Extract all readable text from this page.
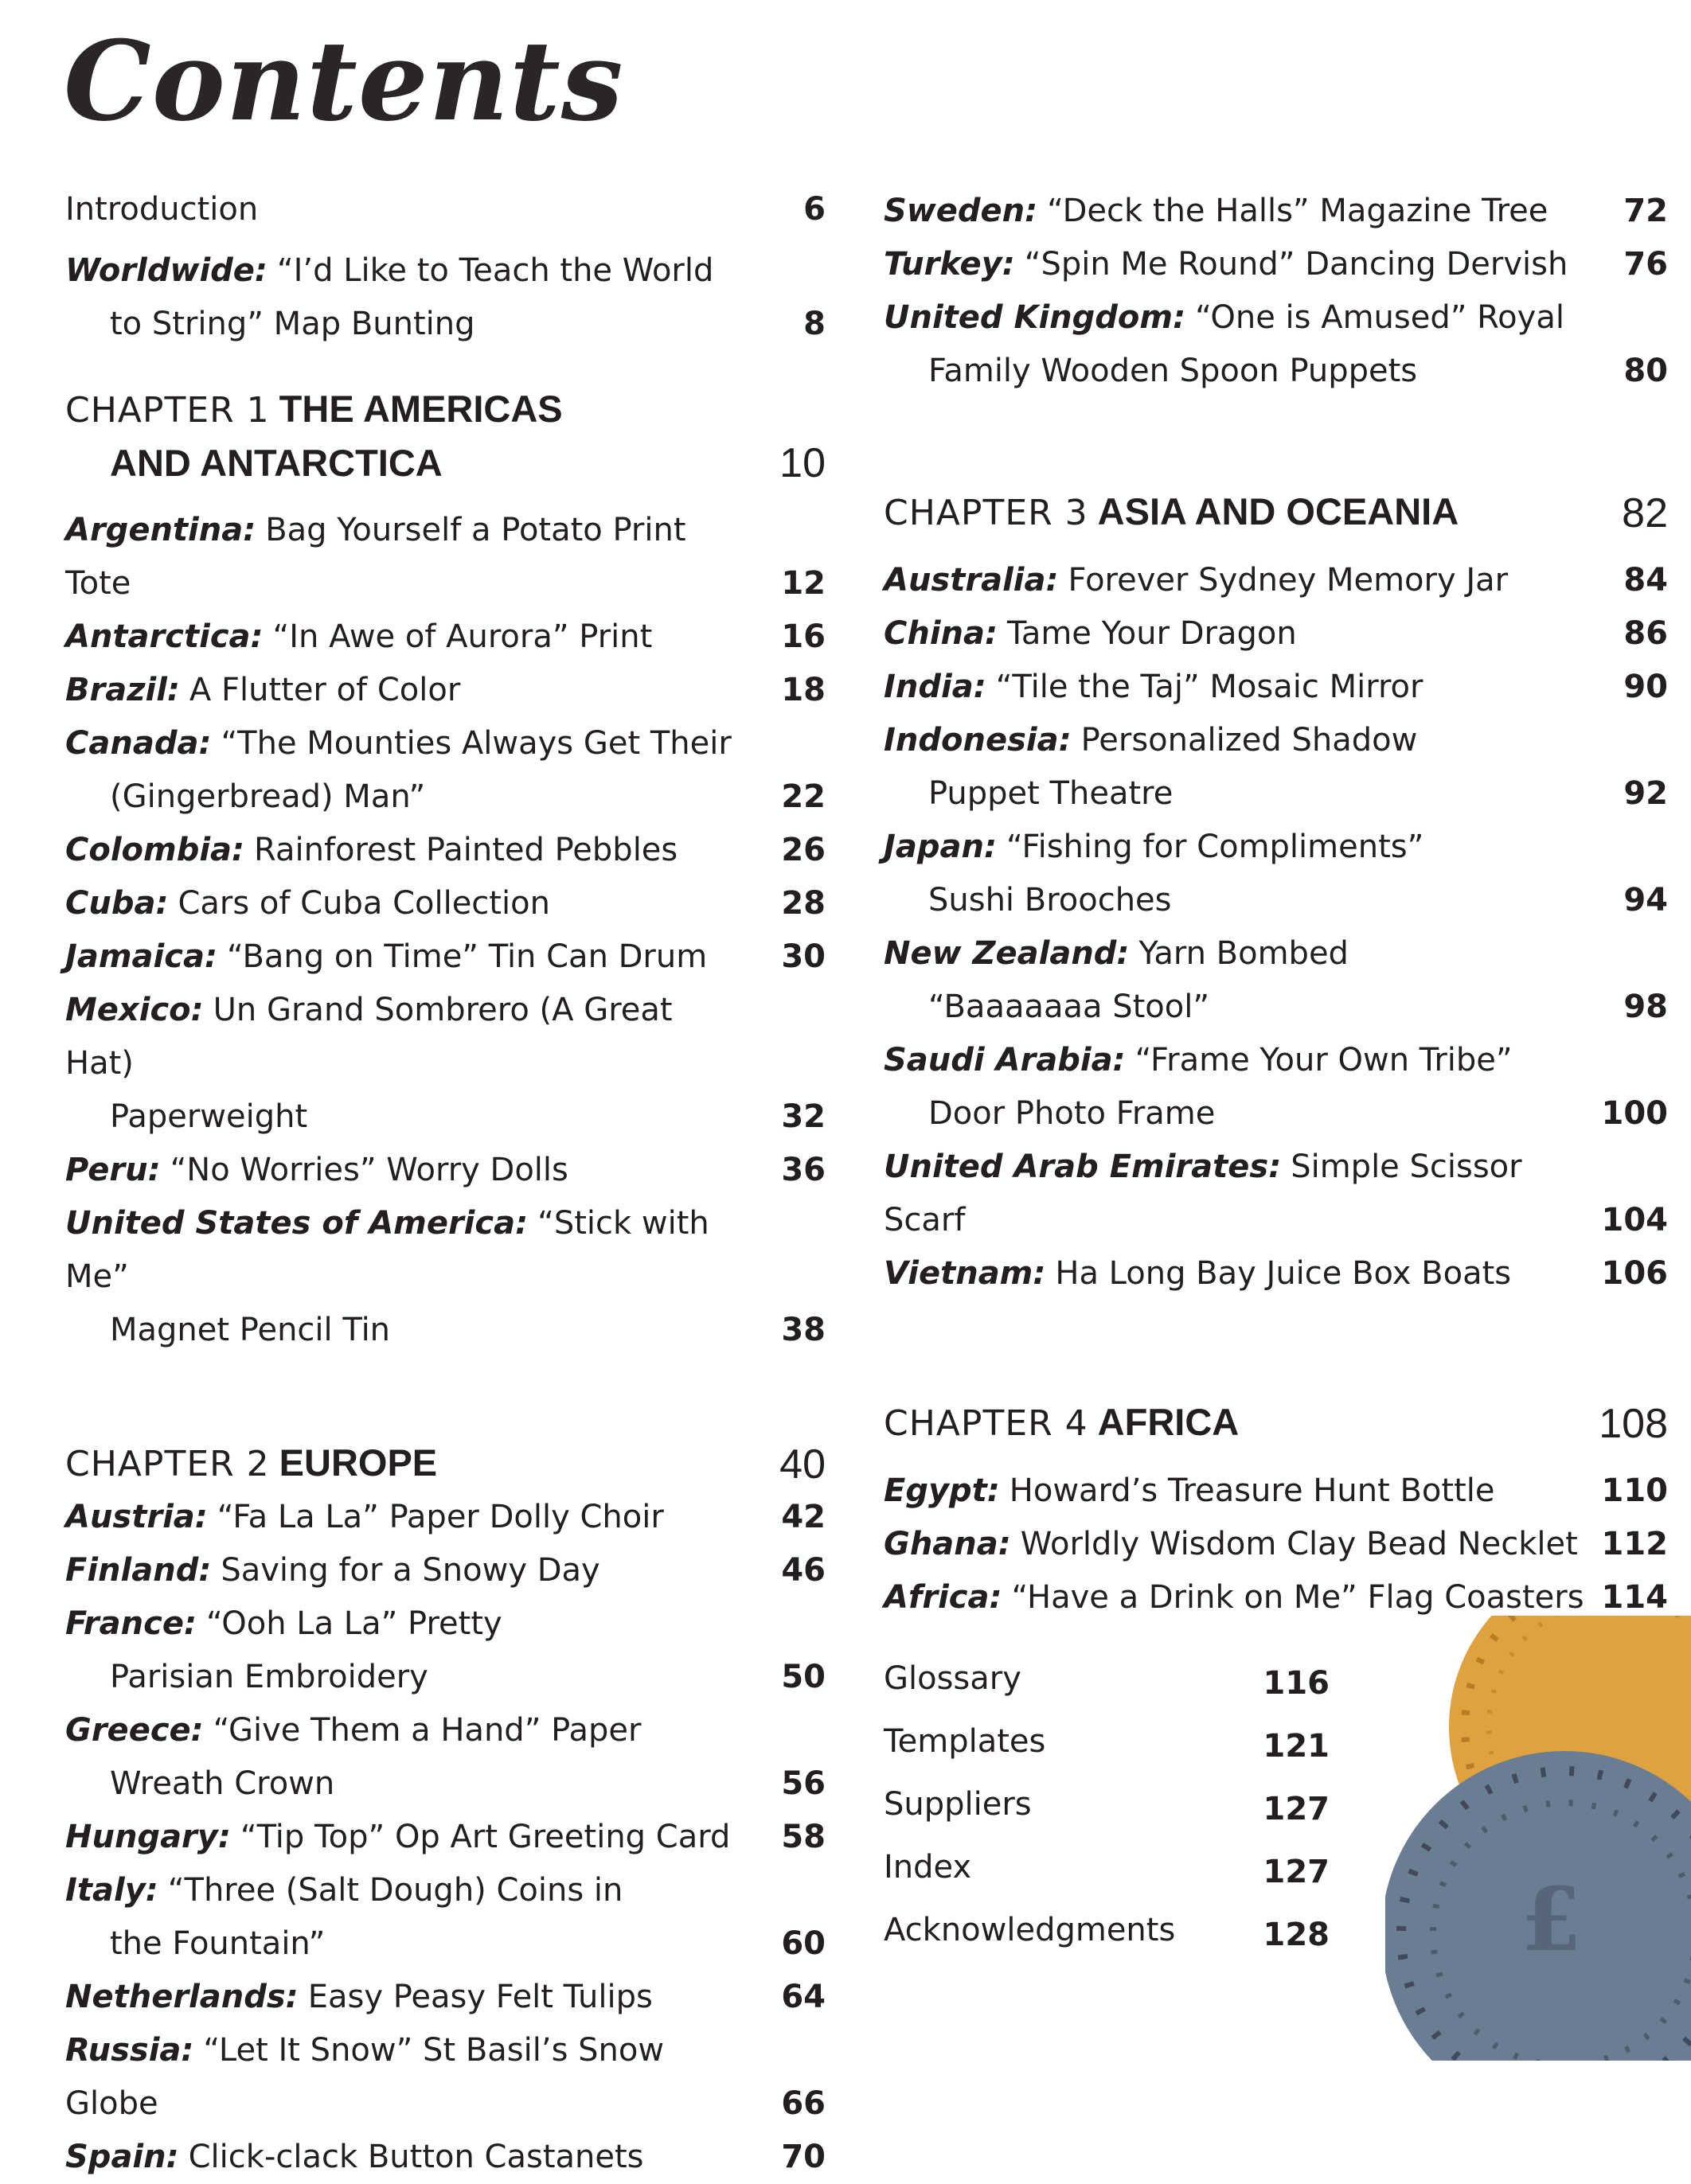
Contents
Introduction	6
Worldwide: “I’d Like to Teach the World
to String” Map Bunting	8
CHAPTER 1 THE AMERICAS
AND ANTARCTICA	10
Argentina: Bag Yourself a Potato Print Tote	12
Antarctica: “In Awe of Aurora” Print	16
Brazil: A Flutter of Color	18
Canada: “The Mounties Always Get Their
(Gingerbread) Man”	22
Colombia: Rainforest Painted Pebbles	26
Cuba: Cars of Cuba Collection	28
Jamaica: “Bang on Time” Tin Can Drum	30
Mexico: Un Grand Sombrero (A Great Hat)
Paperweight	32
Peru: “No Worries” Worry Dolls	36
United States of America: “Stick with Me”
Magnet Pencil Tin	38
CHAPTER 2 EUROPE	40
Austria: “Fa La La” Paper Dolly Choir	42
Finland: Saving for a Snowy Day	46
France: “Ooh La La” Pretty
Parisian Embroidery	50
Greece: “Give Them a Hand” Paper
Wreath Crown	56
Hungary: “Tip Top” Op Art Greeting Card	58
Italy: “Three (Salt Dough) Coins in
the Fountain”	60
Netherlands: Easy Peasy Felt Tulips	64
Russia: “Let It Snow” St Basil’s Snow Globe	66
Spain: Click-clack Button Castanets	70
Sweden: “Deck the Halls” Magazine Tree	72
Turkey: “Spin Me Round” Dancing Dervish	76
United Kingdom: “One is Amused” Royal
Family Wooden Spoon Puppets	80
CHAPTER 3 ASIA AND OCEANIA	82
Australia: Forever Sydney Memory Jar	84
China: Tame Your Dragon	86
India: “Tile the Taj” Mosaic Mirror	90
Indonesia: Personalized Shadow
Puppet Theatre	92
Japan: “Fishing for Compliments”
Sushi Brooches	94
New Zealand: Yarn Bombed
“Baaaaaaa Stool”	98
Saudi Arabia: “Frame Your Own Tribe”
Door Photo Frame	100
United Arab Emirates: Simple Scissor Scarf	104
Vietnam: Ha Long Bay Juice Box Boats	106
CHAPTER 4 AFRICA	108
Egypt: Howard’s Treasure Hunt Bottle	110
Ghana: Worldly Wisdom Clay Bead Necklet 112
Africa: “Have a Drink on Me” Flag Coasters 114
Glossary	116
Templates	121
Suppliers	127
Index	127
Acknowledgments	128 £
